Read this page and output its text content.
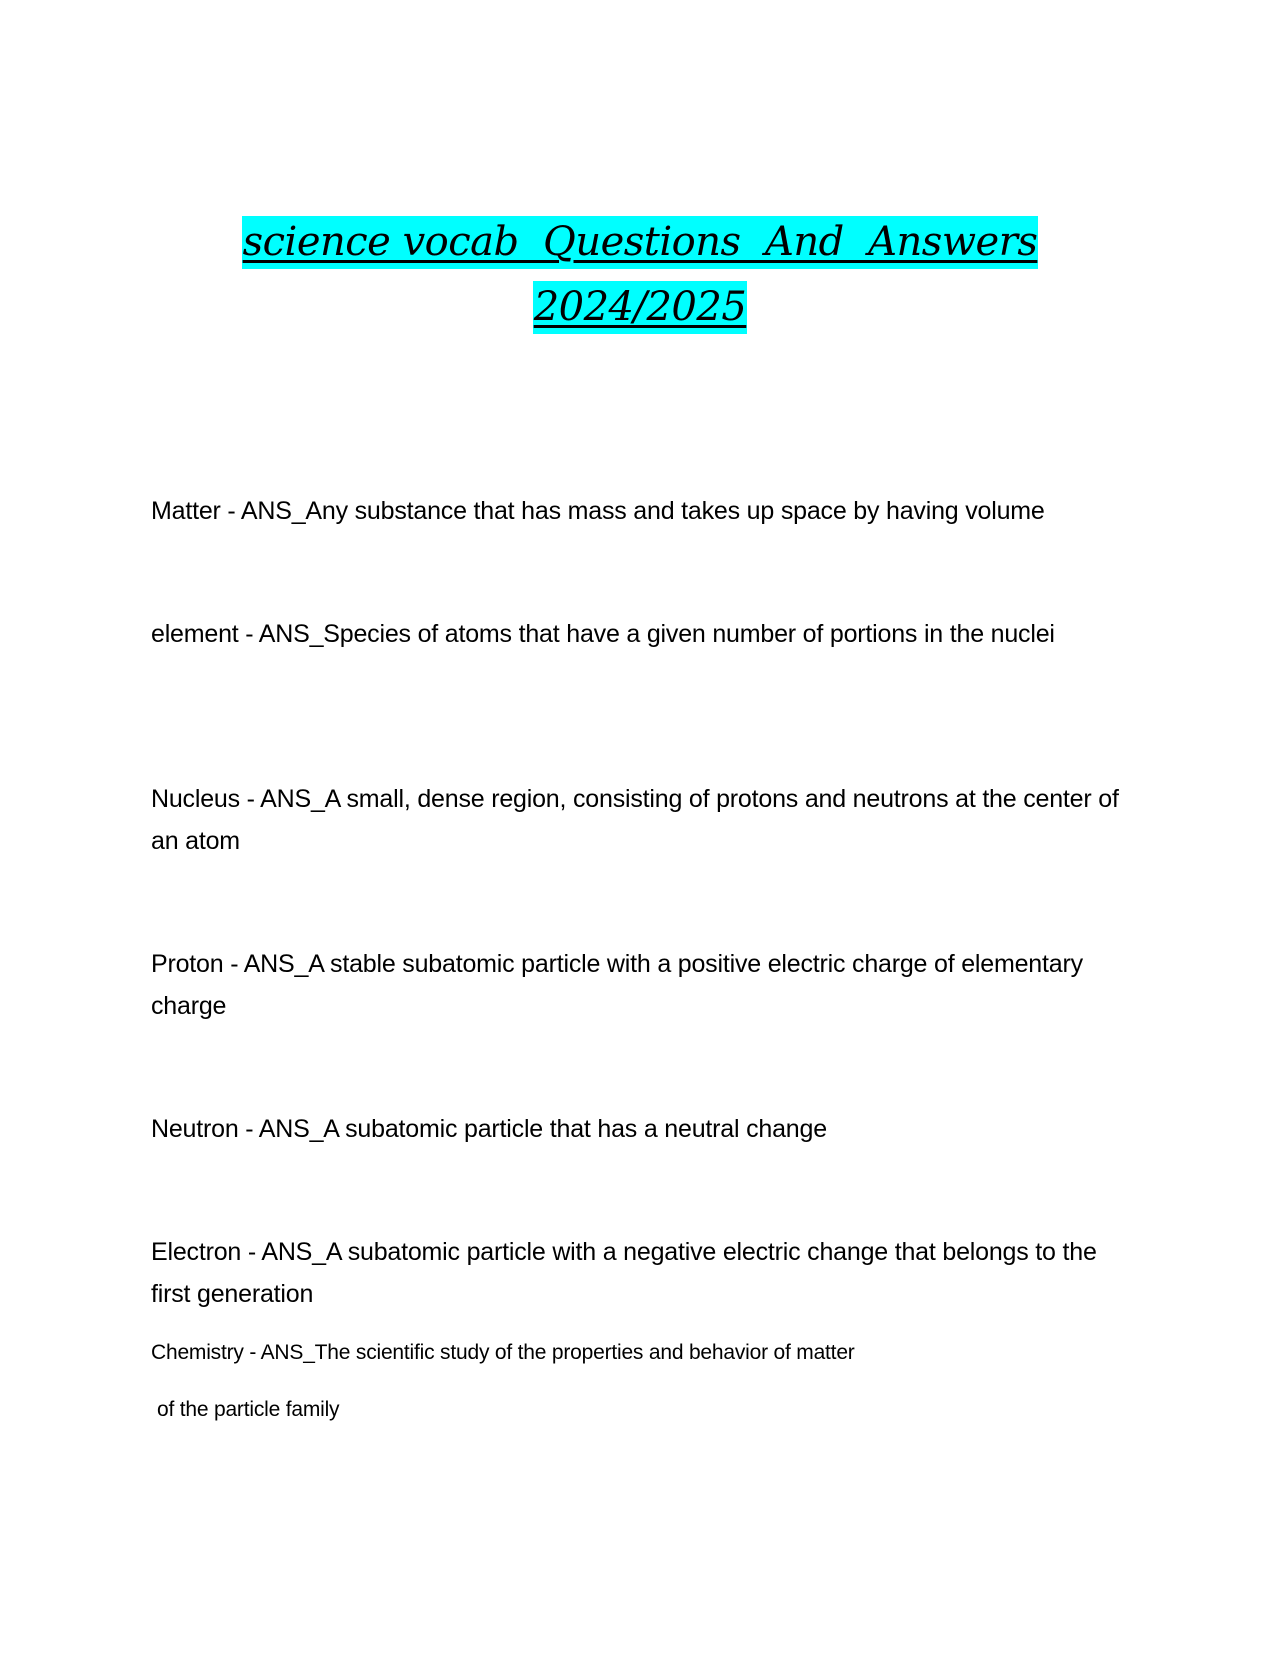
science vocab  Questions  And  Answers
2024/2025
Matter - ANS_Any substance that has mass and takes up space by having volume
element - ANS_Species of atoms that have a given number of portions in the nuclei
Nucleus - ANS_A small, dense region, consisting of protons and neutrons at the center of an atom
Proton - ANS_A stable subatomic particle with a positive electric charge of elementary charge
Neutron - ANS_A subatomic particle that has a neutral change
Electron - ANS_A subatomic particle with a negative electric change that belongs to the first generation
Chemistry - ANS_The scientific study of the properties and behavior of matter
of the particle family
